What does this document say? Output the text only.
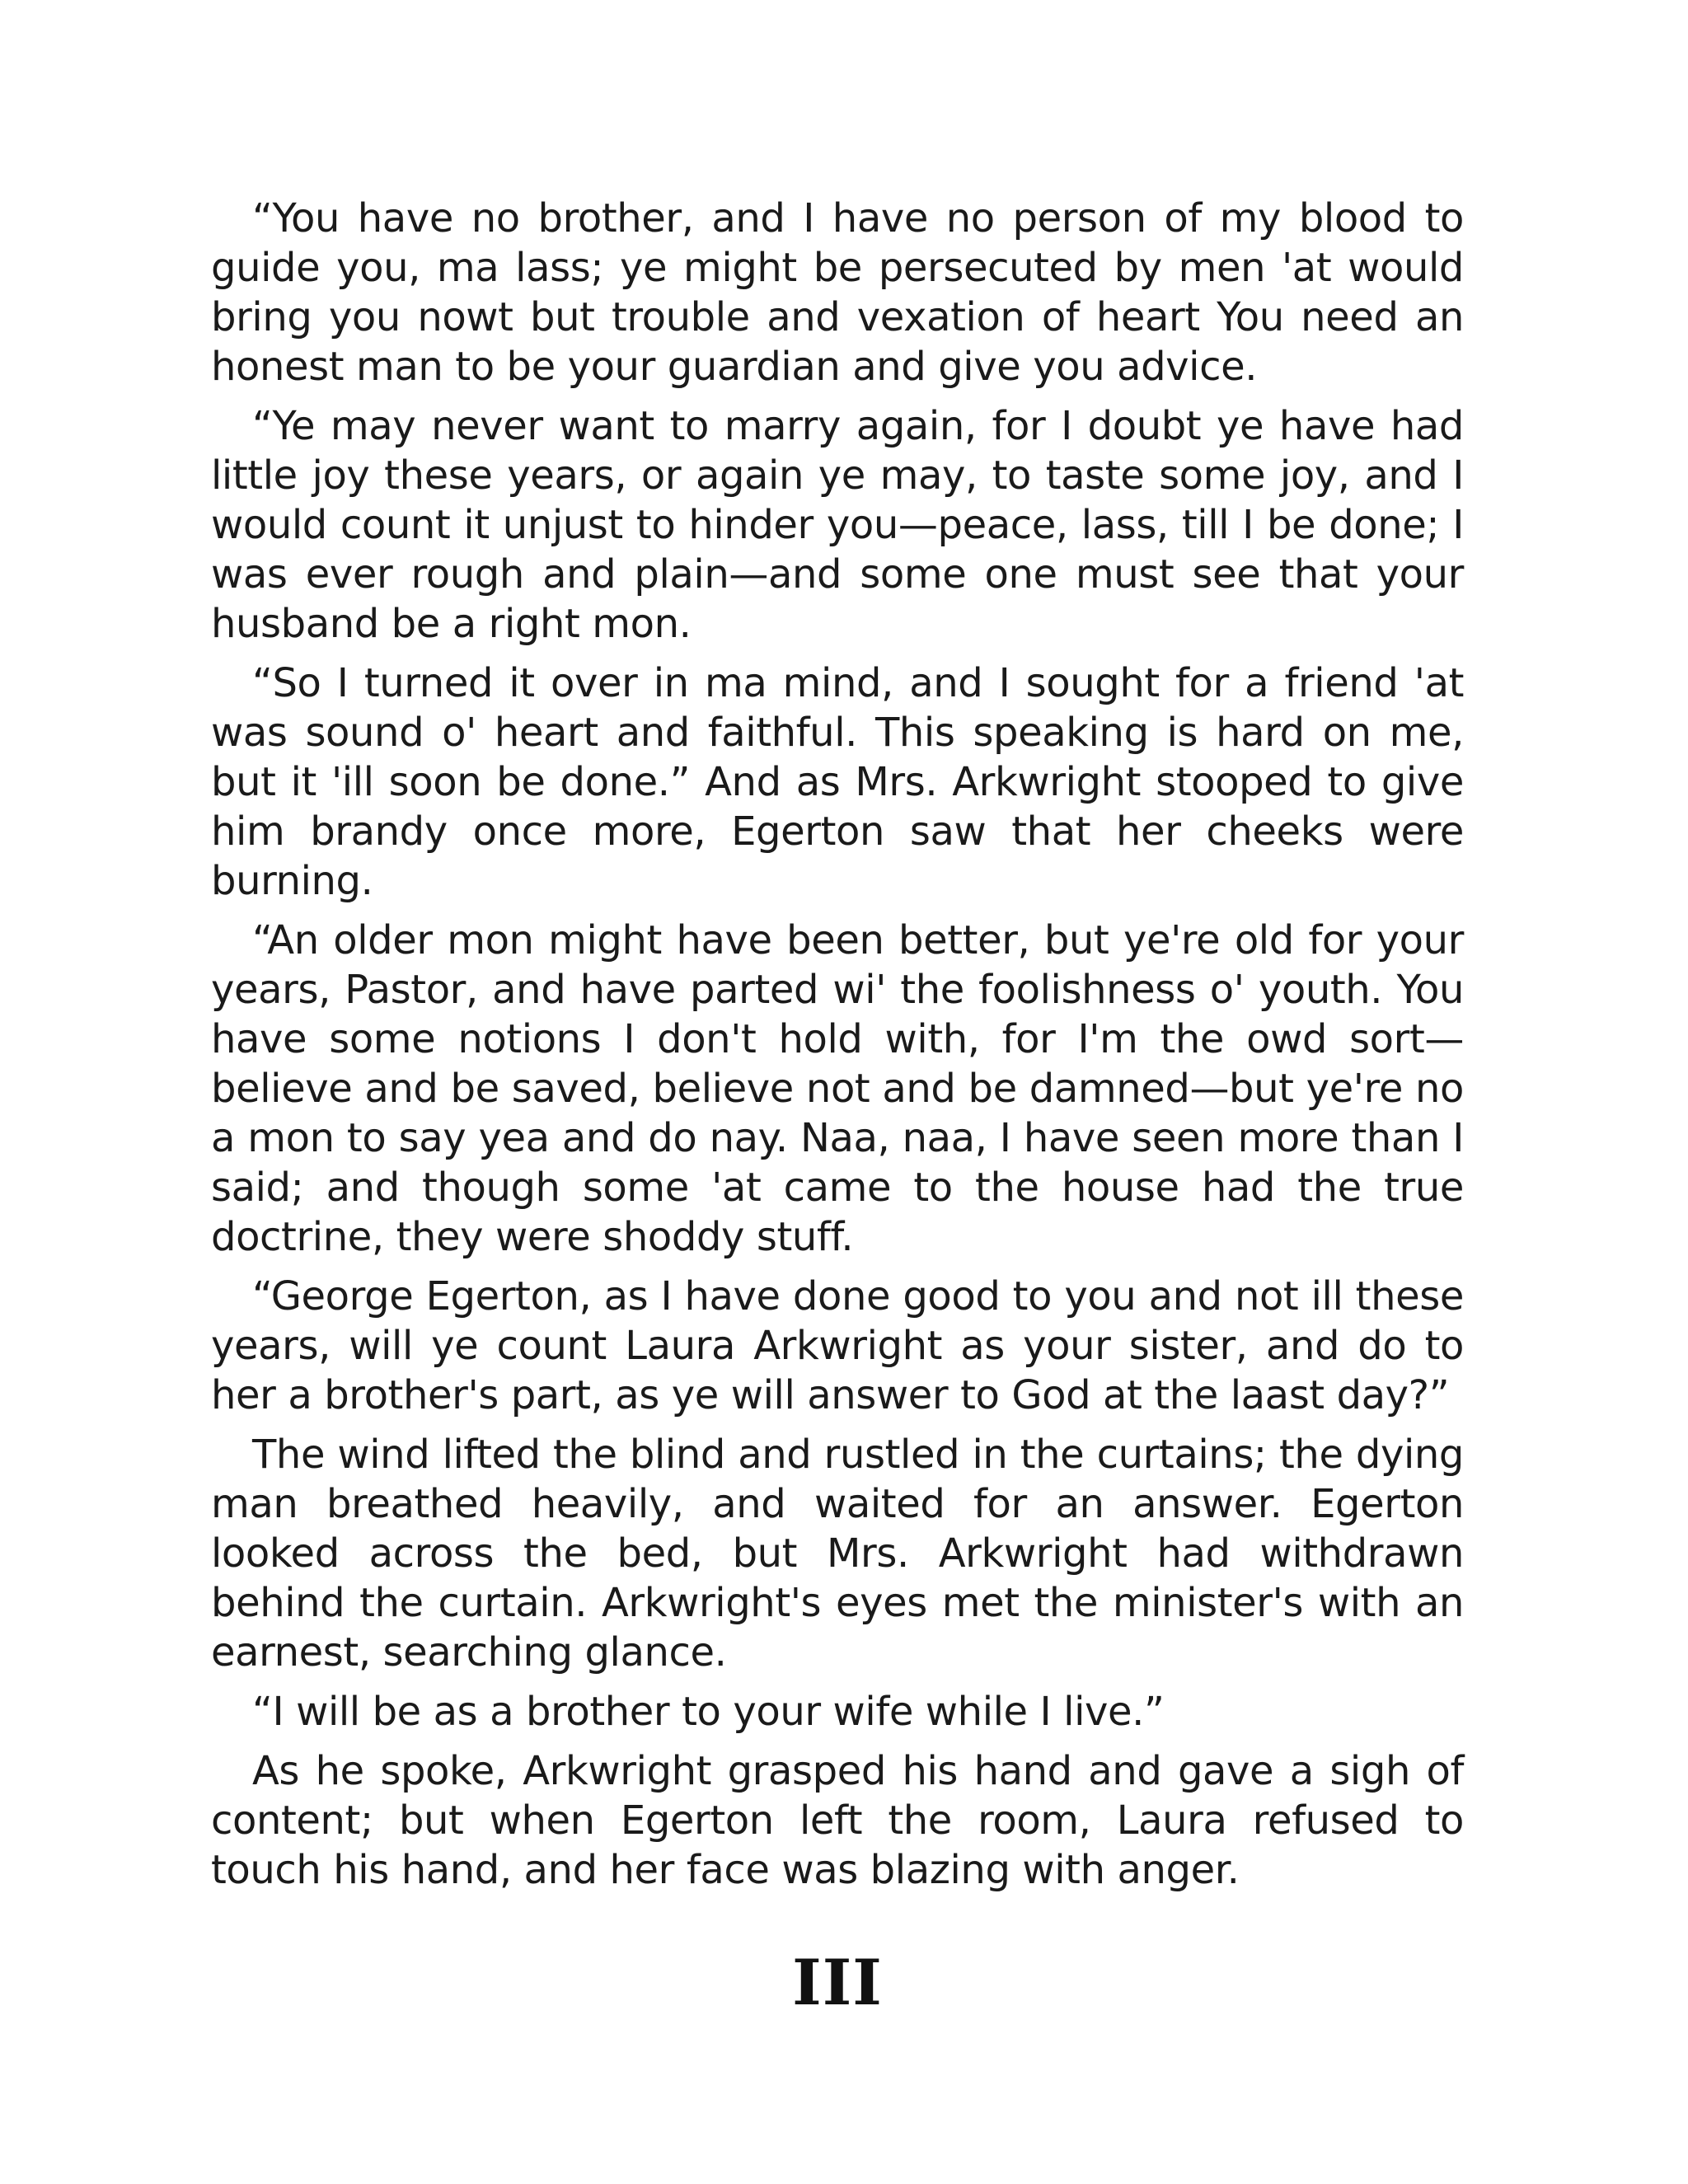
“You have no brother, and I have no person of my blood to guide you, ma lass; ye might be persecuted by men 'at would bring you nowt but trouble and vexation of heart You need an honest man to be your guardian and give you advice.

“Ye may never want to marry again, for I doubt ye have had little joy these years, or again ye may, to taste some joy, and I would count it unjust to hinder you—peace, lass, till I be done; I was ever rough and plain—and some one must see that your husband be a right mon.

“So I turned it over in ma mind, and I sought for a friend 'at was sound o' heart and faithful. This speaking is hard on me, but it 'ill soon be done.” And as Mrs. Arkwright stooped to give him brandy once more, Egerton saw that her cheeks were burning.

“An older mon might have been better, but ye're old for your years, Pastor, and have parted wi' the foolishness o' youth. You have some notions I don't hold with, for I'm the owd sort—believe and be saved, believe not and be damned—but ye're no a mon to say yea and do nay. Naa, naa, I have seen more than I said; and though some 'at came to the house had the true doctrine, they were shoddy stuff.

“George Egerton, as I have done good to you and not ill these years, will ye count Laura Arkwright as your sister, and do to her a brother's part, as ye will answer to God at the laast day?”

The wind lifted the blind and rustled in the curtains; the dying man breathed heavily, and waited for an answer. Egerton looked across the bed, but Mrs. Arkwright had withdrawn behind the curtain. Arkwright's eyes met the minister's with an earnest, searching glance.

“I will be as a brother to your wife while I live.”

As he spoke, Arkwright grasped his hand and gave a sigh of content; but when Egerton left the room, Laura refused to touch his hand, and her face was blazing with anger.

III
